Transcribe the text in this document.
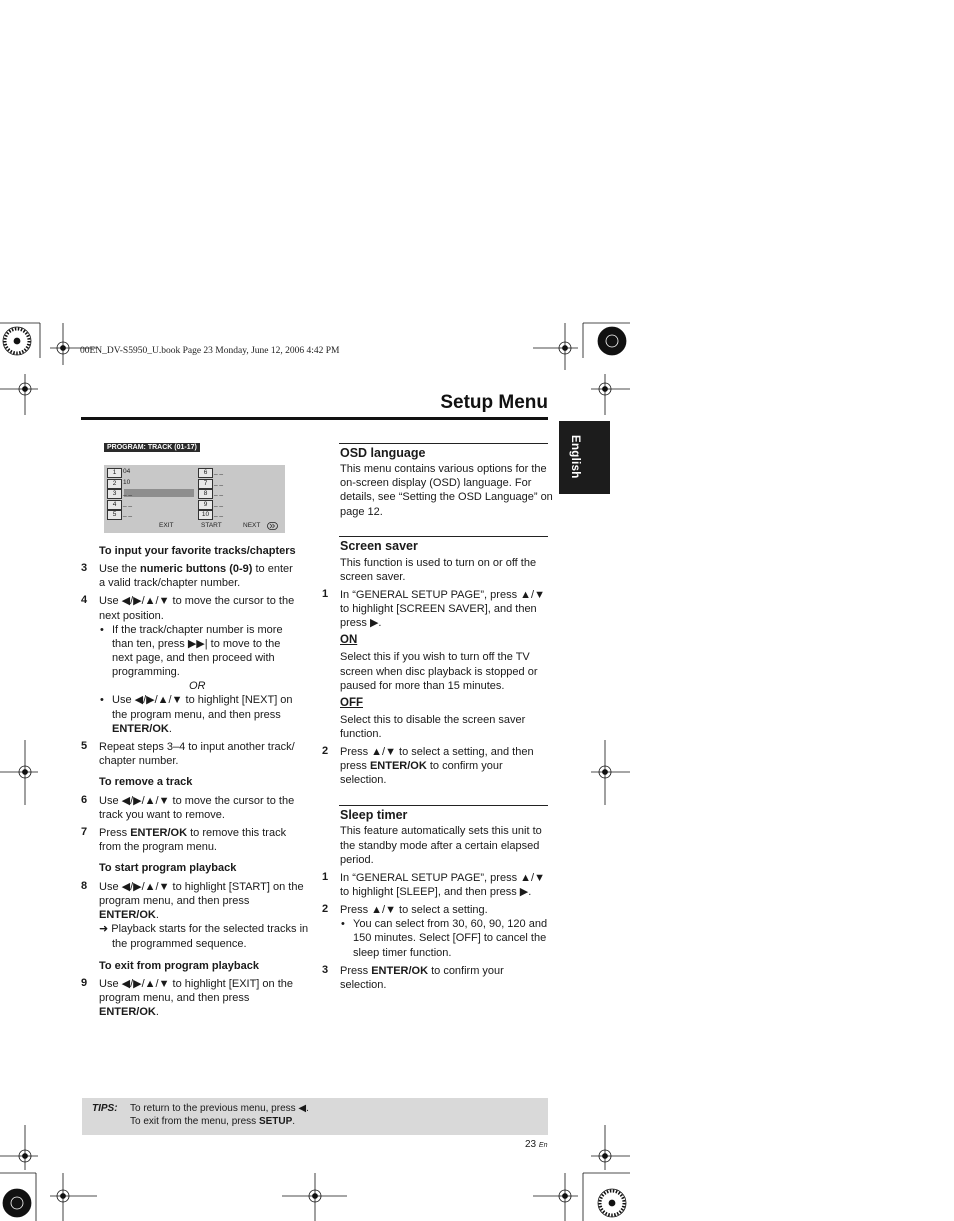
00EN_DV-S5950_U.book Page 23 Monday, June 12, 2006 4:42 PM
Setup Menu
English
PROGRAM: TRACK (01-17)
1	04
2	10
3	_ _
4	_ _
5	_ _
6	_ _
7	_ _
8	_ _
9	_ _
10 _ _
EXIT	START	NEXT
To input your favorite tracks/chapters
3 Use the numeric buttons (0-9) to enter
a valid track/chapter number.
4 Use ◀/▶/▲/▼ to move the cursor to the
next position.
• If the track/chapter number is more
than ten, press ▶▶| to move to the
next page, and then proceed with
programming.
OR
• Use ◀/▶/▲/▼ to highlight [NEXT] on
the program menu, and then press
ENTER/OK.
5 Repeat steps 3–4 to input another track/
chapter number.
To remove a track
6 Use ◀/▶/▲/▼ to move the cursor to the
track you want to remove.
7 Press ENTER/OK to remove this track
from the program menu.
To start program playback
8 Use ◀/▶/▲/▼ to highlight [START] on the
program menu, and then press
ENTER/OK.
➜ Playback starts for the selected tracks in
the programmed sequence.
To exit from program playback
9 Use ◀/▶/▲/▼ to highlight [EXIT] on the
program menu, and then press
ENTER/OK.
OSD language
This menu contains various options for the
on-screen display (OSD) language. For
details, see “Setting the OSD Language” on
page 12.
Screen saver
This function is used to turn on or off the
screen saver.
1 In “GENERAL SETUP PAGE”, press ▲/▼
to highlight [SCREEN SAVER], and then
press ▶.
ON
Select this if you wish to turn off the TV
screen when disc playback is stopped or
paused for more than 15 minutes.
OFF
Select this to disable the screen saver
function.
2 Press ▲/▼ to select a setting, and then
press ENTER/OK to confirm your
selection.
Sleep timer
This feature automatically sets this unit to
the standby mode after a certain elapsed
period.
1 In “GENERAL SETUP PAGE”, press ▲/▼
to highlight [SLEEP], and then press ▶.
2 Press ▲/▼ to select a setting.
• You can select from 30, 60, 90, 120 and
150 minutes. Select [OFF] to cancel the
sleep timer function.
3 Press ENTER/OK to confirm your
selection.
TIPS: To return to the previous menu, press ◀.
To exit from the menu, press SETUP.
23 En
